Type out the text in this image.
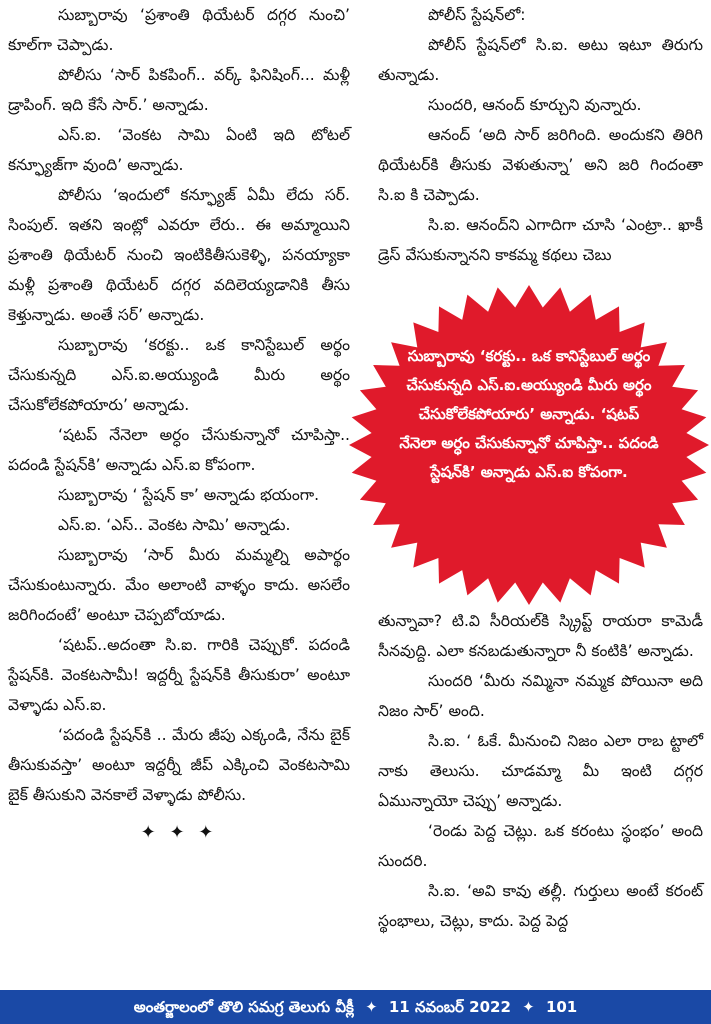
సుబ్బారావు ‘ప్రశాంతి థియేటర్ దగ్గర నుంచి’ కూల్‌గా చెప్పాడు.

పోలీసు ‘సార్ పికపింగ్.. వర్క్ ఫినిషింగ్... మళ్లీ డ్రాపింగ్. ఇది కేసే సార్.’ అన్నాడు.

ఎస్.ఐ. ‘వెంకట సామి ఏంటి ఇది టోటల్ కన్ఫ్యూజ్‌గా వుంది’ అన్నాడు.

పోలీసు ‘ఇందులో కన్ఫ్యూజ్ ఏమీ లేదు సర్. సింపుల్. ఇతని ఇంట్లో ఎవరూ లేరు.. ఈ అమ్మాయిని ప్రశాంతి థియేటర్ నుంచి ఇంటికితీసుకెళ్ళి, పనయ్యాకా మళ్లీ ప్రశాంతి థియేటర్ దగ్గర వదిలెయ్యడానికి తీసు కెళ్తున్నాడు. అంతే సర్’ అన్నాడు.

సుబ్బారావు ‘కరక్టు.. ఒక కానిస్టేబుల్ అర్థం చేసుకున్నది ఎస్.ఐ.అయ్యుండి మీరు అర్థం చేసుకోలేకపోయారు’ అన్నాడు.

‘షటప్ నేనెలా అర్ధం చేసుకున్నానో చూపిస్తా.. పదండి స్టేషన్‌కి’ అన్నాడు ఎస్.ఐ కోపంగా.

సుబ్బారావు ‘ స్టేషన్ కా’ అన్నాడు భయంగా.

ఎస్.ఐ. ‘ఎస్.. వెంకట సామి’ అన్నాడు.

సుబ్బారావు ‘సార్ మీరు మమ్మల్ని అపార్థం చేసుకుంటున్నారు. మేం అలాంటి వాళ్ళం కాదు. అసలేం జరిగిందంటే’ అంటూ చెప్పబోయాడు.

‘షటప్..అదంతా సి.ఐ. గారికి చెప్పుకో. పదండి స్టేషన్‌కి. వెంకటసామీ! ఇద్దర్నీ స్టేషన్‌కి తీసుకురా’ అంటూ వెళ్ళాడు ఎస్.ఐ.

‘పదండి స్టేషన్‌కి .. మేరు జీపు ఎక్కండి, నేను బైక్ తీసుకువస్తా’ అంటూ ఇద్దర్నీ జీప్ ఎక్కించి వెంకటసామి బైక్ తీసుకుని వెనకాలే వెళ్ళాడు పోలీసు.

✦ ✦ ✦

పోలీస్ స్టేషన్‌లో:

పోలీస్ స్టేషన్‌లో సి.ఐ. అటు ఇటూ తిరుగు తున్నాడు.

సుందరి, ఆనంద్ కూర్చుని వున్నారు.

ఆనంద్ ‘అది సార్ జరిగింది. అందుకని తిరిగి థియేటర్‌కి తీసుకు వెళుతున్నా’ అని జరి గిందంతా సి.ఐ కి చెప్పాడు.

సి.ఐ. ఆనంద్‌ని ఎగాదిగా చూసి ‘ఎంట్రా.. ఖాకీ డ్రెస్ వేసుకున్నానని కాకమ్మ కథలు చెబు

సుబ్బారావు ‘కరక్టు.. ఒక కానిస్టేబుల్ అర్థం చేసుకున్నది ఎస్.ఐ.అయ్యుండి మీరు అర్థం చేసుకోలేకపోయారు’ అన్నాడు. ‘షటప్ నేనెలా అర్ధం చేసుకున్నానో చూపిస్తా.. పదండి స్టేషన్‌కి’ అన్నాడు ఎస్.ఐ కోపంగా.

తున్నావా? టి.వి సీరియల్‌కి స్క్రిప్ట్ రాయరా కామెడీ సీనవుద్ది. ఎలా కనబడుతున్నారా నీ కంటికి’ అన్నాడు.

సుందరి ‘మీరు నమ్మినా నమ్మక పోయినా అది నిజం సార్’ అంది.

సి.ఐ. ‘ ఓకే. మీనుంచి నిజం ఎలా రాబ ట్టాలో నాకు తెలుసు. చూడమ్మా మీ ఇంటి దగ్గర ఏమున్నాయో చెప్పు’ అన్నాడు.

‘రెండు పెద్ద చెట్లు. ఒక కరంటు స్థంభం’ అంది సుందరి.

సి.ఐ. ‘అవి కావు తల్లీ. గుర్తులు అంటే కరంట్ స్థంభాలు, చెట్లు, కాదు. పెద్ద పెద్ద

అంతర్జాలంలో తొలి సమగ్ర తెలుగు వీక్లీ ✦ 11 నవంబర్ 2022 ✦ 101
